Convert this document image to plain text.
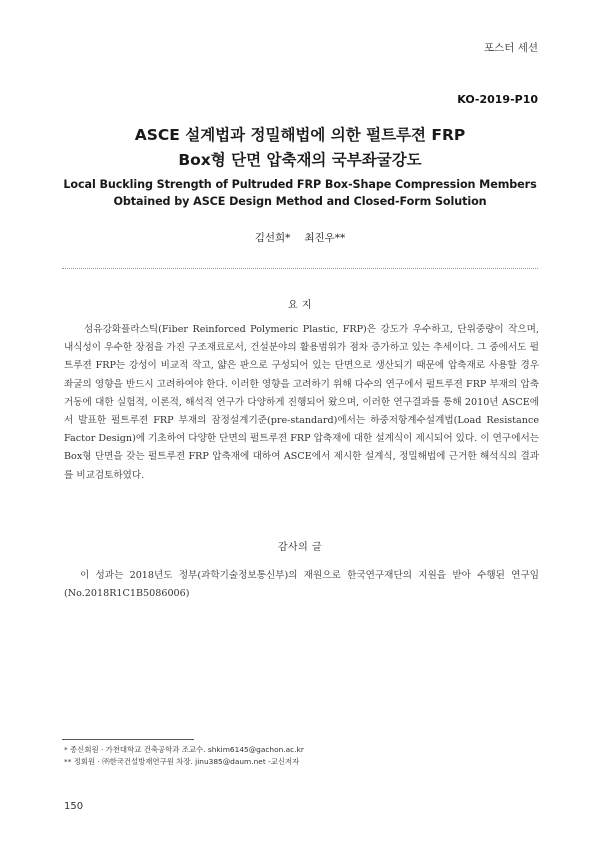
포스터 세션
KO-2019-P10
ASCE 설계법과 정밀해법에 의한 펄트루젼 FRP
Box형 단면 압축재의 국부좌굴강도
Local Buckling Strength of Pultruded FRP Box-Shape Compression Members
Obtained by ASCE Design Method and Closed-Form Solution
김선희* 최진우**
요 지

섬유강화플라스틱(Fiber Reinforced Polymeric Plastic, FRP)은 강도가 우수하고, 단위중량이 작으며, 내식성이 우수한 장점을 가진 구조재료로서, 건설분야의 활용범위가 점차 증가하고 있는 추세이다. 그 중에서도 펄트루젼 FRP는 강성이 비교적 작고, 얇은 판으로 구성되어 있는 단면으로 생산되기 때문에 압축재로 사용할 경우 좌굴의 영향을 반드시 고려하여야 한다. 이러한 영향을 고려하기 위해 다수의 연구에서 펄트루젼 FRP 부재의 압축거동에 대한 실험적, 이론적, 해석적 연구가 다양하게 진행되어 왔으며, 이러한 연구결과를 통해 2010년 ASCE에서 발표한 펄트루젼 FRP 부재의 잠정설계기준(pre-standard)에서는 하중저항계수설계법(Load Resistance Factor Design)에 기초하여 다양한 단면의 펄트루젼 FRP 압축재에 대한 설계식이 제시되어 있다. 이 연구에서는 Box형 단면을 갖는 펄트루젼 FRP 압축재에 대하여 ASCE에서 제시한 설계식, 정밀해법에 근거한 해석식의 결과를 비교검토하였다.

감사의 글

이 성과는 2018년도 정부(과학기술정보통신부)의 재원으로 한국연구재단의 지원을 받아 수행된 연구임(No.2018R1C1B5086006)

* 종신회원 · 가천대학교 건축공학과 조교수. shkim6145@gachon.ac.kr
** 정회원 · ㈜한국건설방재연구원 차장. jinu385@daum.net -교신저자
150
